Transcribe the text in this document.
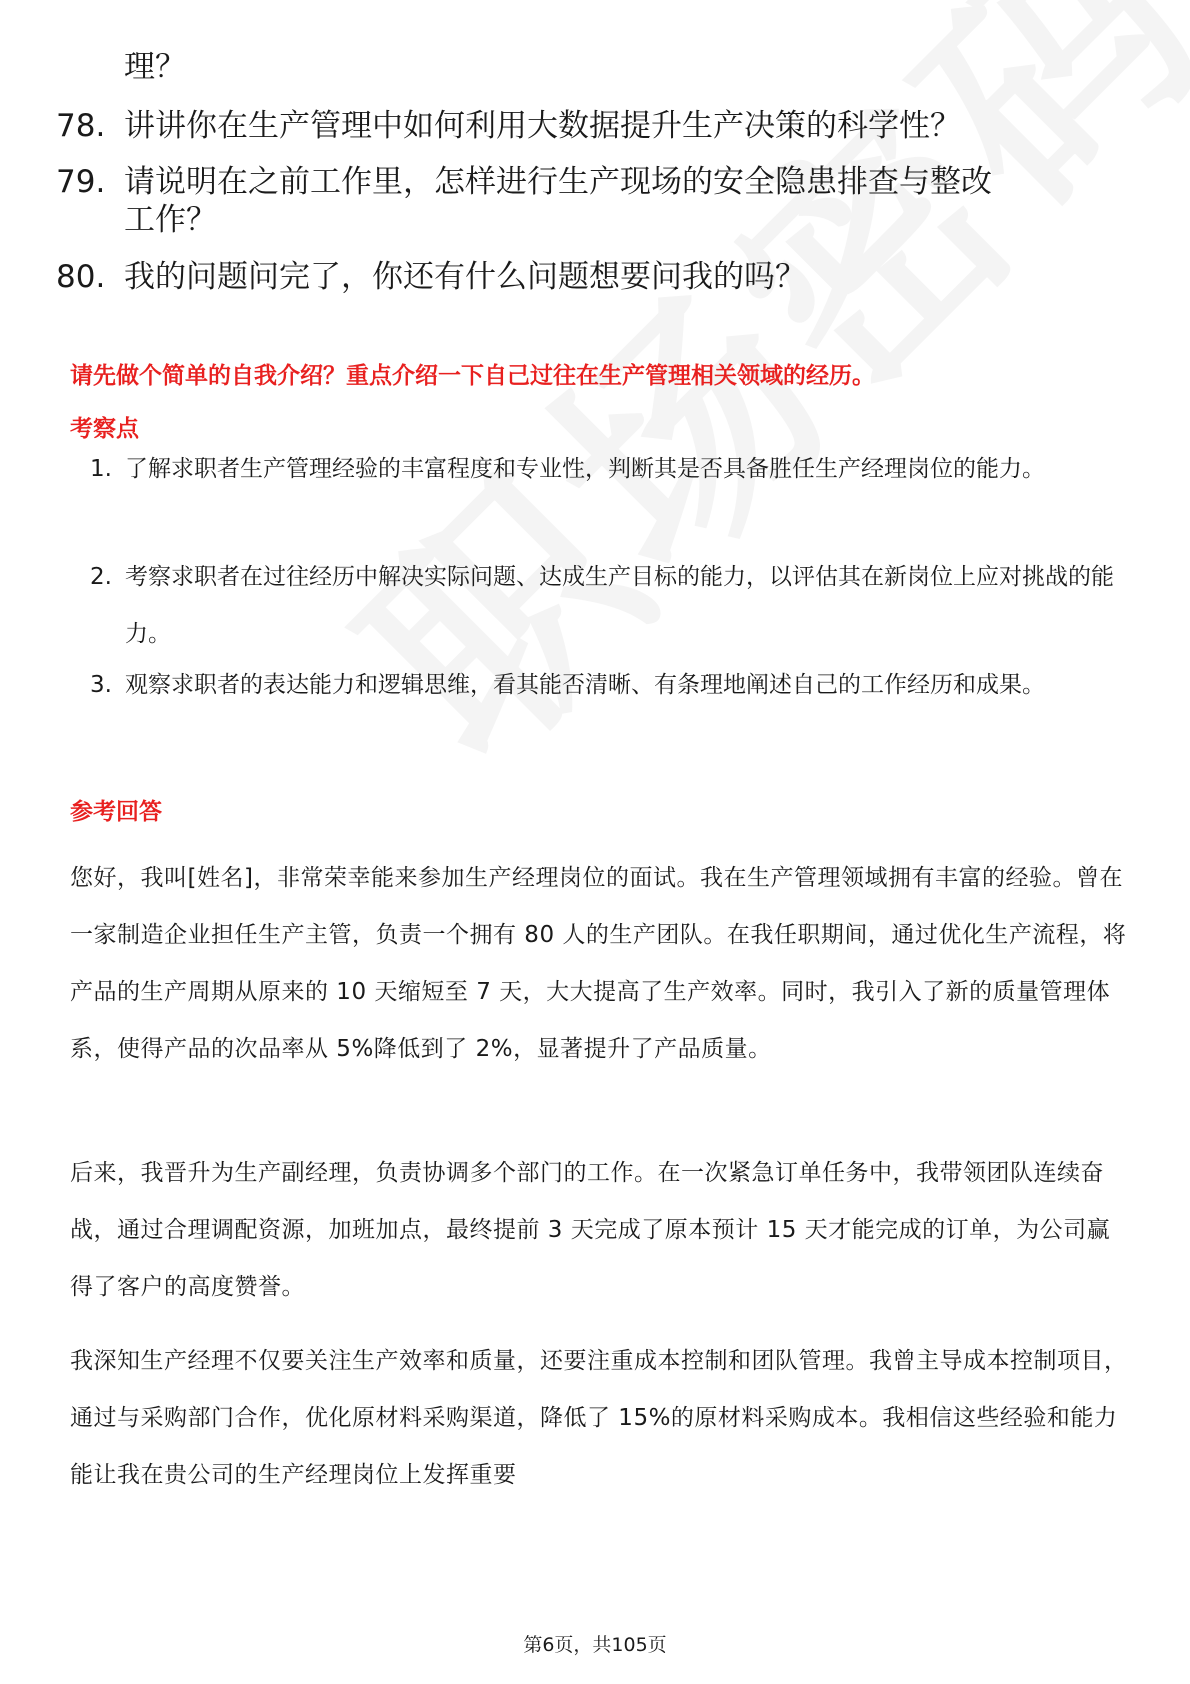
理？
78. 讲讲你在生产管理中如何利用大数据提升生产决策的科学性？
79. 请说明在之前工作里，怎样进行生产现场的安全隐患排查与整改
工作？
80. 我的问题问完了，你还有什么问题想要问我的吗？
请先做个简单的自我介绍？重点介绍一下自己过往在生产管理相关领域的经历。
考察点
1. 了解求职者生产管理经验的丰富程度和专业性，判断其是否具备胜任生产经理岗位的能力。
2. 考察求职者在过往经历中解决实际问题、达成生产目标的能力，以评估其在新岗位上应对挑战的能力。
3. 观察求职者的表达能力和逻辑思维，看其能否清晰、有条理地阐述自己的工作经历和成果。
参考回答
您好，我叫[姓名]，非常荣幸能来参加生产经理岗位的面试。我在生产管理领域拥有丰富的经验。曾在一家制造企业担任生产主管，负责一个拥有 80 人的生产团队。在我任职期间，通过优化生产流程，将产品的生产周期从原来的 10 天缩短至 7 天，大大提高了生产效率。同时，我引入了新的质量管理体系，使得产品的次品率从 5%降低到了 2%，显著提升了产品质量。
后来，我晋升为生产副经理，负责协调多个部门的工作。在一次紧急订单任务中，我带领团队连续奋战，通过合理调配资源，加班加点，最终提前 3 天完成了原本预计 15 天才能完成的订单，为公司赢得了客户的高度赞誉。
我深知生产经理不仅要关注生产效率和质量，还要注重成本控制和团队管理。我曾主导成本控制项目，通过与采购部门合作，优化原材料采购渠道，降低了 15%的原材料采购成本。我相信这些经验和能力能让我在贵公司的生产经理岗位上发挥重要
第6页，共105页
